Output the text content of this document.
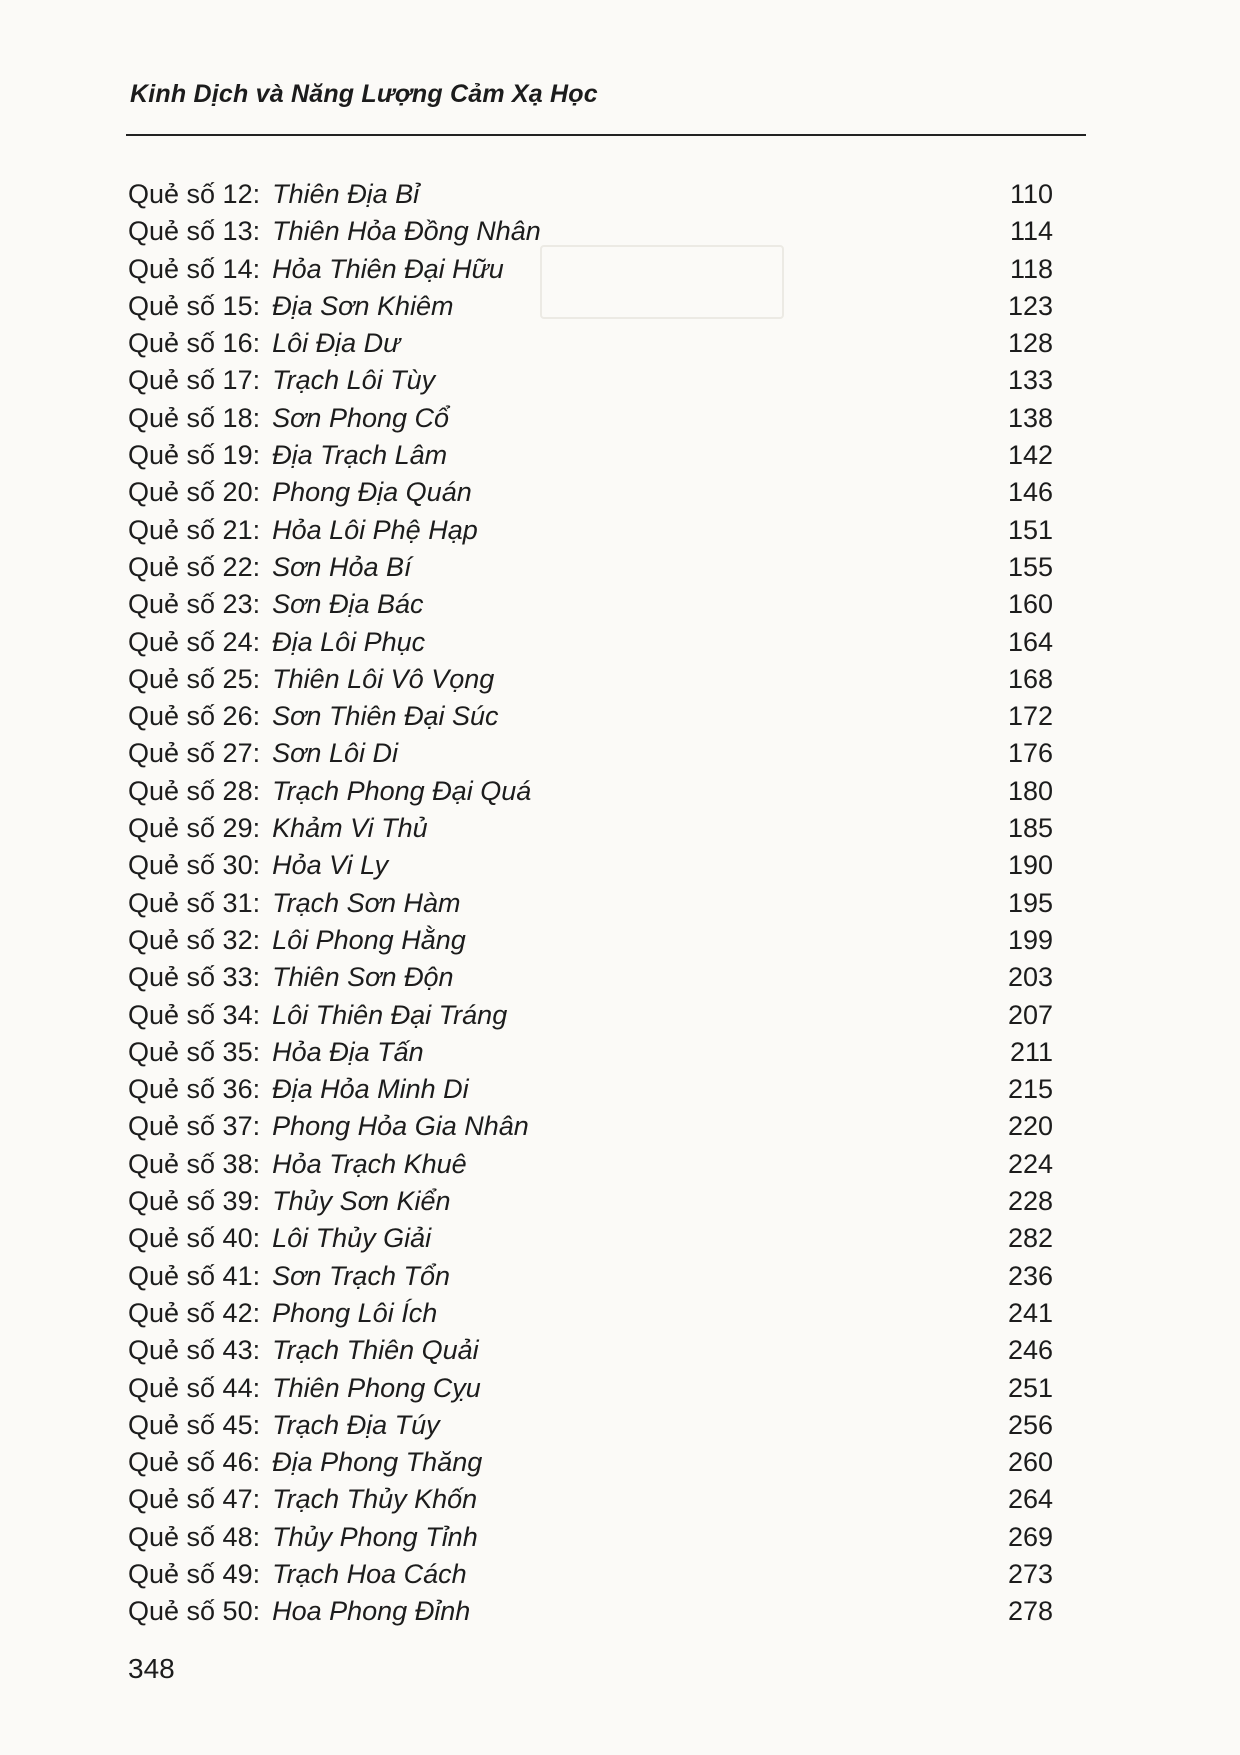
Kinh Dịch và Năng Lượng Cảm Xạ Học
Quẻ số 12: Thiên Địa Bỉ	110
Quẻ số 13: Thiên Hỏa Đồng Nhân	114
Quẻ số 14: Hỏa Thiên Đại Hữu	118
Quẻ số 15: Địa Sơn Khiêm	123
Quẻ số 16: Lôi Địa Dư	128
Quẻ số 17: Trạch Lôi Tùy	133
Quẻ số 18: Sơn Phong Cổ	138
Quẻ số 19: Địa Trạch Lâm	142
Quẻ số 20: Phong Địa Quán	146
Quẻ số 21: Hỏa Lôi Phệ Hạp	151
Quẻ số 22: Sơn Hỏa Bí	155
Quẻ số 23: Sơn Địa Bác	160
Quẻ số 24: Địa Lôi Phục	164
Quẻ số 25: Thiên Lôi Vô Vọng	168
Quẻ số 26: Sơn Thiên Đại Súc	172
Quẻ số 27: Sơn Lôi Di	176
Quẻ số 28: Trạch Phong Đại Quá	180
Quẻ số 29: Khảm Vi Thủ	185
Quẻ số 30: Hỏa Vi Ly	190
Quẻ số 31: Trạch Sơn Hàm	195
Quẻ số 32: Lôi Phong Hằng	199
Quẻ số 33: Thiên Sơn Độn	203
Quẻ số 34: Lôi Thiên Đại Tráng	207
Quẻ số 35: Hỏa Địa Tấn	211
Quẻ số 36: Địa Hỏa Minh Di	215
Quẻ số 37: Phong Hỏa Gia Nhân	220
Quẻ số 38: Hỏa Trạch Khuê	224
Quẻ số 39: Thủy Sơn Kiển	228
Quẻ số 40: Lôi Thủy Giải	282
Quẻ số 41: Sơn Trạch Tổn	236
Quẻ số 42: Phong Lôi Ích	241
Quẻ số 43: Trạch Thiên Quải	246
Quẻ số 44: Thiên Phong Cỵu	251
Quẻ số 45: Trạch Địa Túy	256
Quẻ số 46: Địa Phong Thăng	260
Quẻ số 47: Trạch Thủy Khốn	264
Quẻ số 48: Thủy Phong Tỉnh	269
Quẻ số 49: Trạch Hoa Cách	273
Quẻ số 50: Hoa Phong Đỉnh	278
348
